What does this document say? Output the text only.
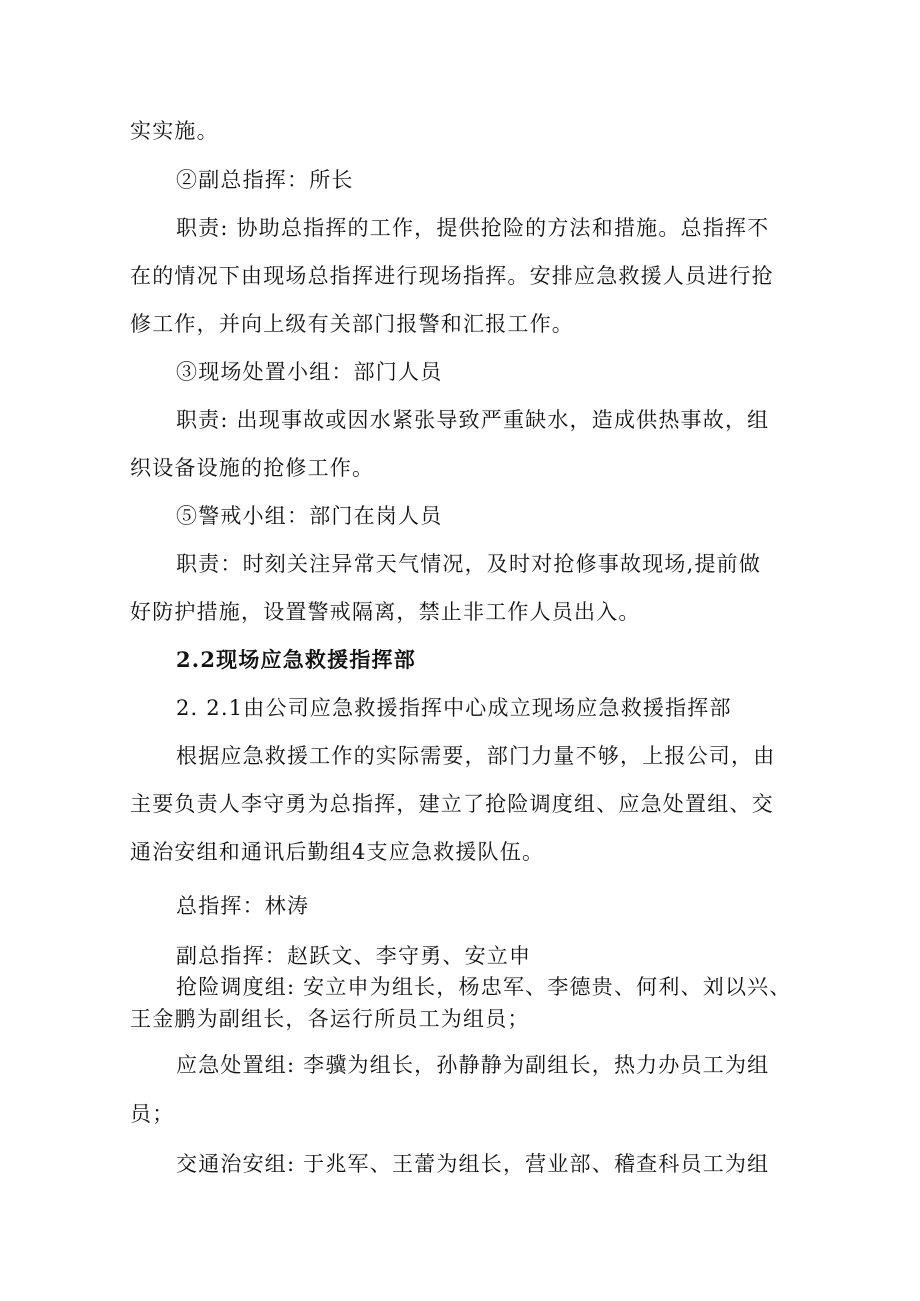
实实施。
②副总指挥：所长
职责: 协助总指挥的工作，提供抢险的方法和措施。总指挥不
在的情况下由现场总指挥进行现场指挥。安排应急救援人员进行抢
修工作，并向上级有关部门报警和汇报工作。
③现场处置小组：部门人员
职责: 出现事故或因水紧张导致严重缺水，造成供热事故，组
织设备设施的抢修工作。
⑤警戒小组：部门在岗人员
职责：时刻关注异常天气情况，及时对抢修事故现场,提前做
好防护措施，设置警戒隔离，禁止非工作人员出入。
2.2现场应急救援指挥部
2. 2.1由公司应急救援指挥中心成立现场应急救援指挥部
根据应急救援工作的实际需要，部门力量不够，上报公司，由
主要负责人李守勇为总指挥，建立了抢险调度组、应急处置组、交
通治安组和通讯后勤组4支应急救援队伍。
总指挥：林涛
副总指挥：赵跃文、李守勇、安立申
抢险调度组: 安立申为组长，杨忠军、李德贵、何利、刘以兴、
王金鹏为副组长，各运行所员工为组员；
应急处置组: 李骥为组长，孙静静为副组长，热力办员工为组
员；
交通治安组: 于兆军、王蕾为组长，营业部、稽查科员工为组
